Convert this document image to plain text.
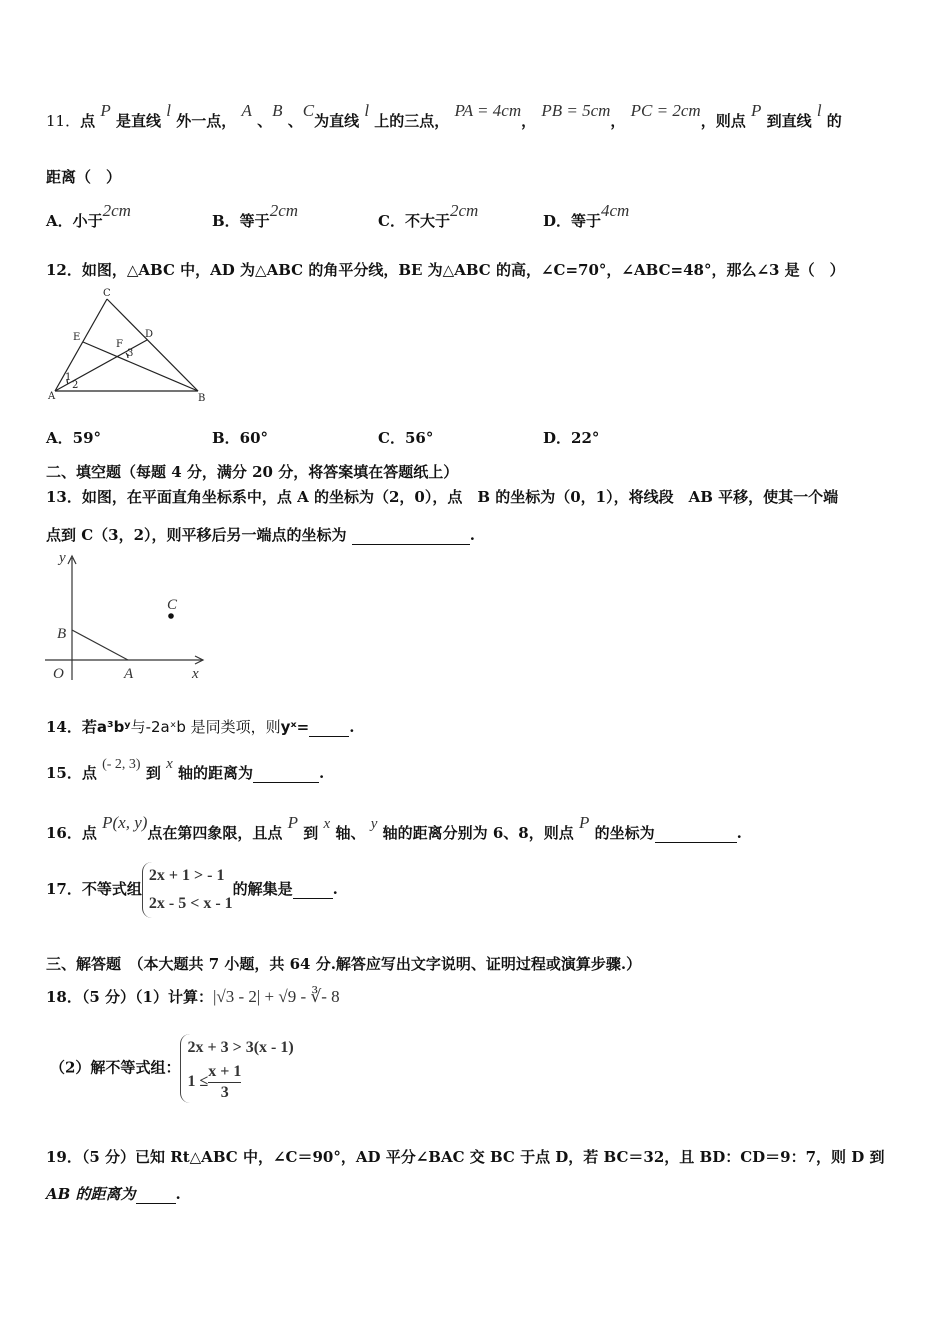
11．点 P 是直线 l 外一点， A 、B 、C为直线 l 上的三点， PA = 4cm， PB = 5cm， PC = 2cm，则点 P 到直线 l 的
距离（　）
A．小于2cm
B．等于2cm
C．不大于2cm
D．等于4cm
12．如图，△ABC 中，AD 为△ABC 的角平分线，BE 为△ABC 的高，∠C=70°，∠ABC=48°，那么∠3 是（　）
C
E	D
F
3
1
2
A	B
A．59°	B．60°	C．56°	D．22°
二、填空题（每题 4 分，满分 20 分，将答案填在答题纸上）
13．如图，在平面直角坐标系中，点 A 的坐标为（2，0），点　B 的坐标为（0，1），将线段　AB 平移，使其一个端
点到 C（3，2），则平移后另一端点的坐标为	.
y
x
O	A
B
C
14．若a³bʸ与-2aˣb 是同类项，则yˣ=	.
15．点 (- 2, 3) 到 x 轴的距离为	.
16．点 P(x, y)点在第四象限，且点 P 到 x 轴、 y 轴的距离分别为 6、8，则点 P 的坐标为	.
17．不等式组
2x + 1 > - 1
2x - 5 < x - 1
的解集是	.
三、解答题　（本大题共 7 小题，共 64 分.解答应写出文字说明、证明过程或演算步骤.）
18．（5 分）（1）计算：|√3 - 2| + √9 - ∛- 8
（2）解不等式组：
2x + 3 > 3(x - 1)
$1 \le \frac{x + 1}{3}$
19．（5 分）已知 Rt△ABC 中，∠C＝90°，AD 平分∠BAC 交 BC 于点 D，若 BC＝32，且 BD：CD＝9：7，则 D 到
AB 的距离为	.
